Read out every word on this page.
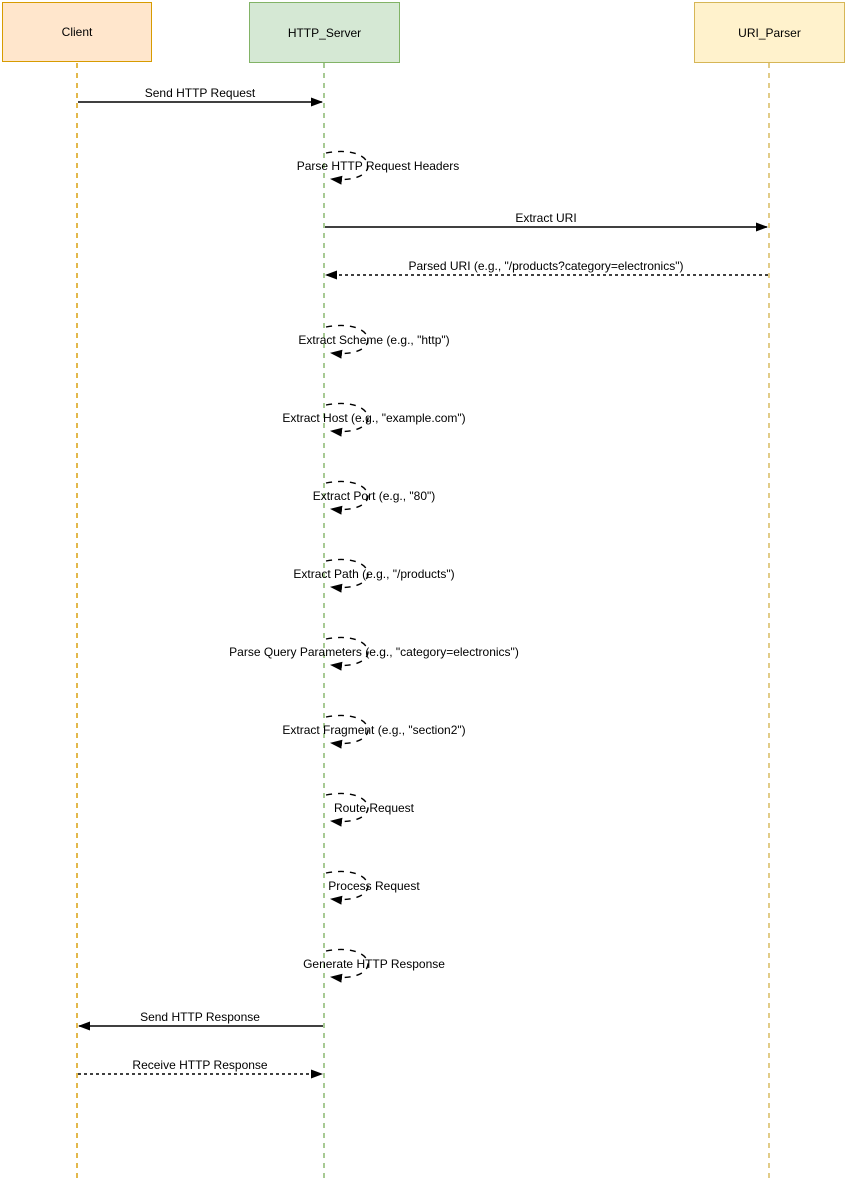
Client	HTTP_Server	URI_Parser
Send HTTP Request
Parse HTTP Request Headers
Extract URI
Parsed URI (e.g., "/products?category=electronics")
Extract Scheme (e.g., "http")
Extract Host (e.g., "example.com")
Extract Port (e.g., "80")
Extract Path (e.g., "/products")
Parse Query Parameters (e.g., "category=electronics")
Extract Fragment (e.g., "section2")
Route Request
Process Request
Generate HTTP Response
Send HTTP Response
Receive HTTP Response
